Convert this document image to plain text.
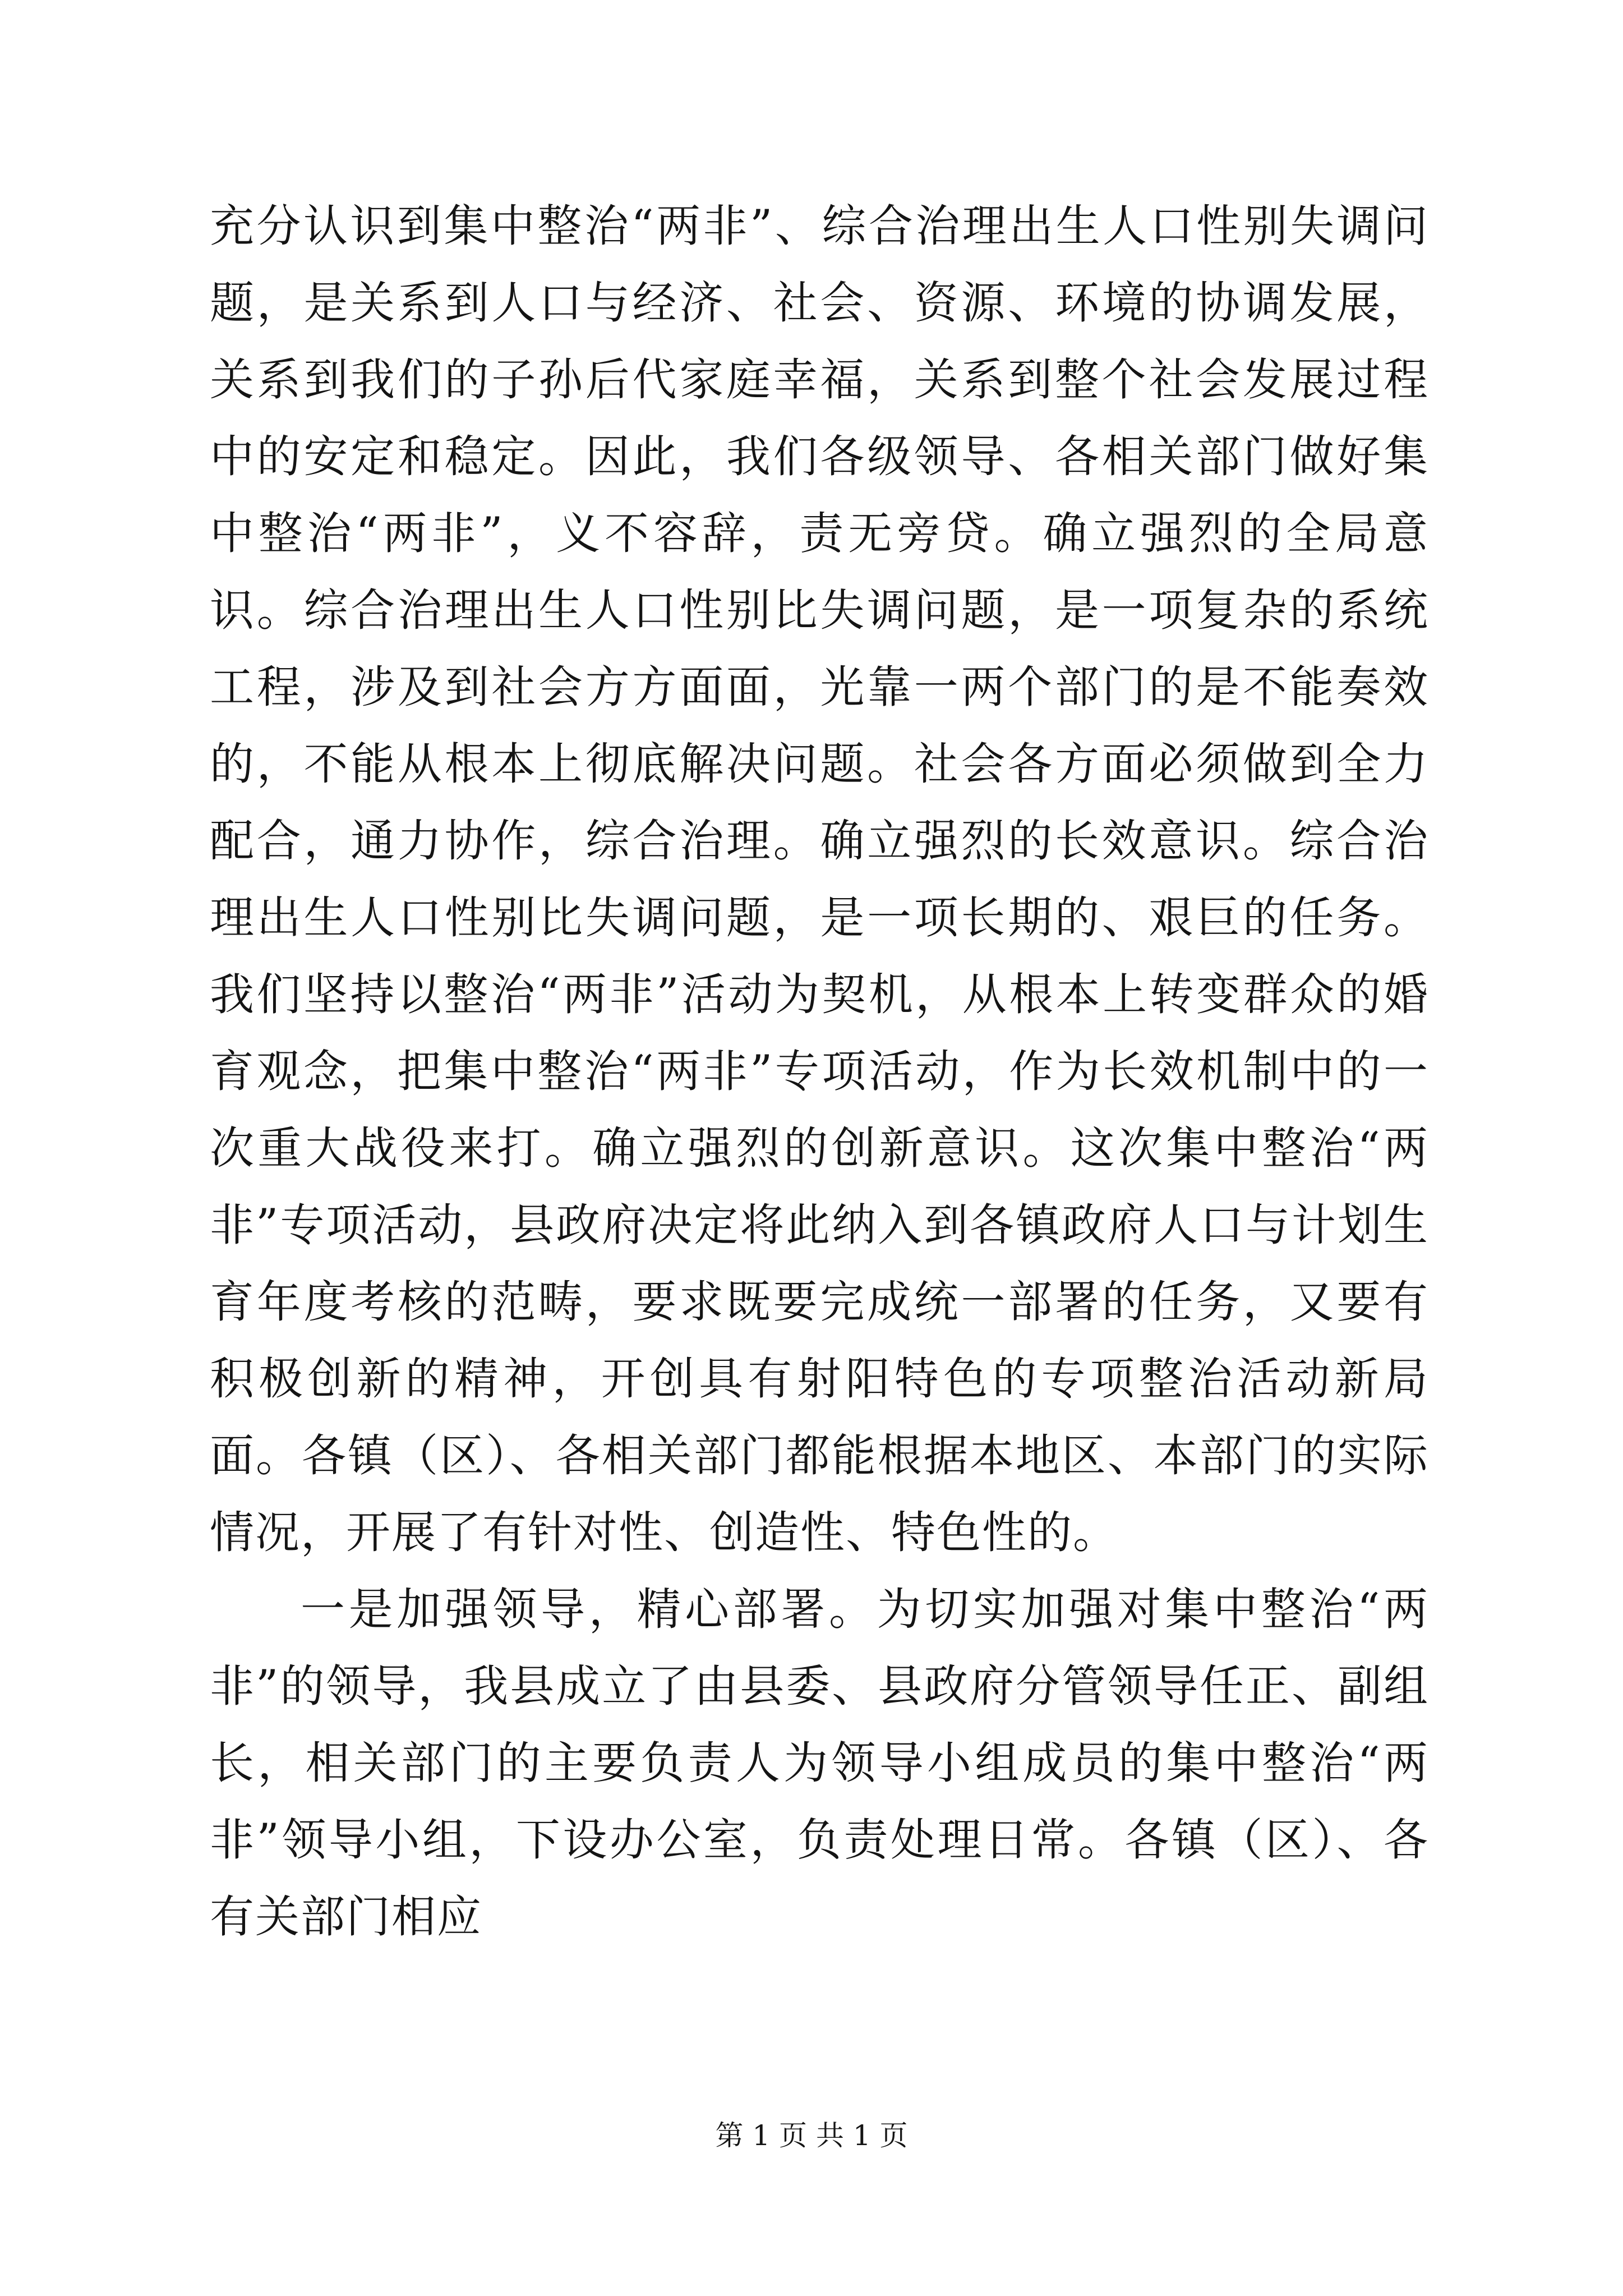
充分认识到集中整治“两非”、综合治理出生人口性别失调问题，是关系到人口与经济、社会、资源、环境的协调发展，关系到我们的子孙后代家庭幸福，关系到整个社会发展过程中的安定和稳定。因此，我们各级领导、各相关部门做好集中整治“两非”，义不容辞，责无旁贷。确立强烈的全局意识。综合治理出生人口性别比失调问题，是一项复杂的系统工程，涉及到社会方方面面，光靠一两个部门的是不能奏效的，不能从根本上彻底解决问题。社会各方面必须做到全力配合，通力协作，综合治理。确立强烈的长效意识。综合治理出生人口性别比失调问题，是一项长期的、艰巨的任务。我们坚持以整治“两非”活动为契机，从根本上转变群众的婚育观念，把集中整治“两非”专项活动，作为长效机制中的一次重大战役来打。确立强烈的创新意识。这次集中整治“两非”专项活动，县政府决定将此纳入到各镇政府人口与计划生育年度考核的范畴，要求既要完成统一部署的任务，又要有积极创新的精神，开创具有射阳特色的专项整治活动新局面。各镇（区）、各相关部门都能根据本地区、本部门的实际情况，开展了有针对性、创造性、特色性的。

一是加强领导，精心部署。为切实加强对集中整治“两非”的领导，我县成立了由县委、县政府分管领导任正、副组长，相关部门的主要负责人为领导小组成员的集中整治“两非”领导小组，下设办公室，负责处理日常。各镇（区）、各有关部门相应

第 1 页 共 1 页
